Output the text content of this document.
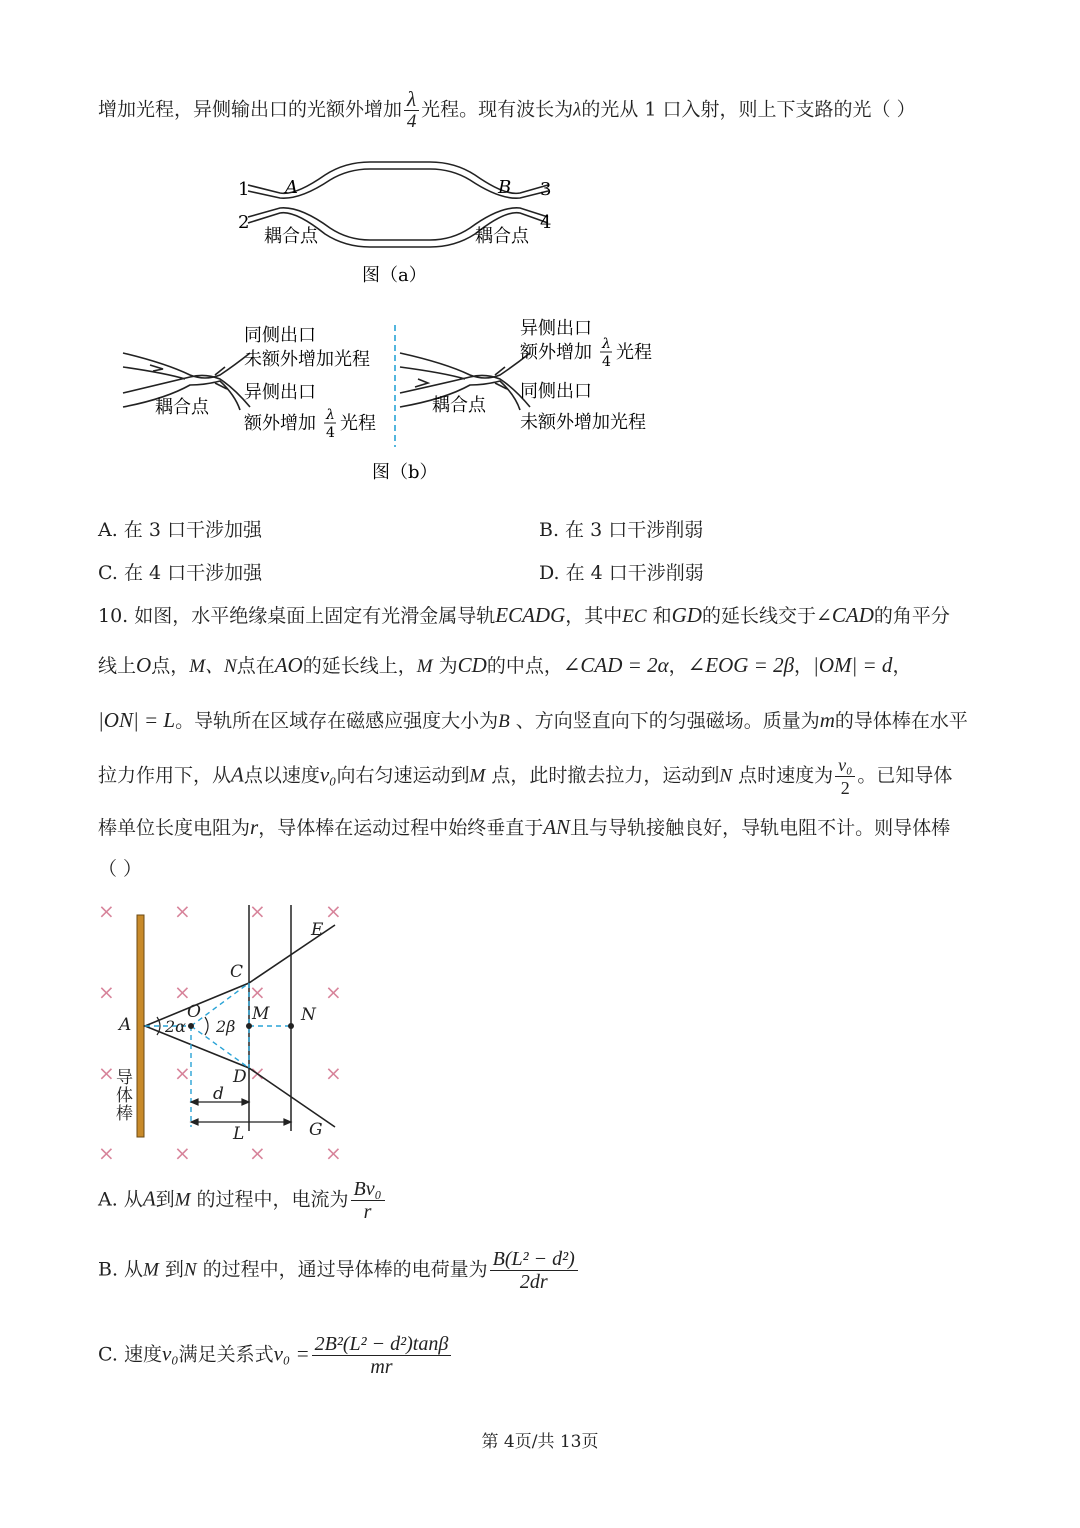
增加光程，异侧输出口的光额外增加 $\frac{\lambda}{4}$ 光程。现有波长为λ的光从 1 口入射，则上下支路的光（ ）
1
2
3
4
A	B
耦合点	耦合点
图（a）
耦合点	耦合点
同侧出口
未额外增加光程
异侧出口
额外增加 λ
4 光程
异侧出口
额外增加 λ
4 光程
同侧出口
未额外增加光程
图（b）
A. 在 3 口干涉加强	B. 在 3 口干涉削弱
C. 在 4 口干涉加强	D. 在 4 口干涉削弱
10. 如图，水平绝缘桌面上固定有光滑金属导轨ECADG，其中EC 和GD的延长线交于∠CAD的角平分
线上O点，M、N点在AO的延长线上，M 为CD的中点，∠CAD = 2α，∠EOG = 2β，|OM| = d，
|ON| = L。导轨所在区域存在磁感应强度大小为B 、方向竖直向下的匀强磁场。质量为m的导体棒在水平
拉力作用下，从A点以速度v₀向右匀速运动到M 点，此时撤去拉力，运动到N 点时速度为 $\frac{\text{v₀}}{2}$ 。已知导体
棒单位长度电阻为r，导体棒在运动过程中始终垂直于AN且与导轨接触良好，导轨电阻不计。则导体棒
（ ）
×
×
×
×
×
×
×
×
×
×
×
×
×
×
×
×
E
C
A
O	M N
D
G
2α 2β
d
L
导
体
棒
A. 从A到M 的过程中，电流为 $\frac{\text{Bv₀}}{r}$
B. 从M 到N 的过程中，通过导体棒的电荷量为 $\frac{\text{B(L² − d²)}}{2dr}$
C. 速度v₀满足关系式$v_0 = \frac{\text{2B²(L² − d²)tanβ}}{mr}$
第 4页/共 13页
